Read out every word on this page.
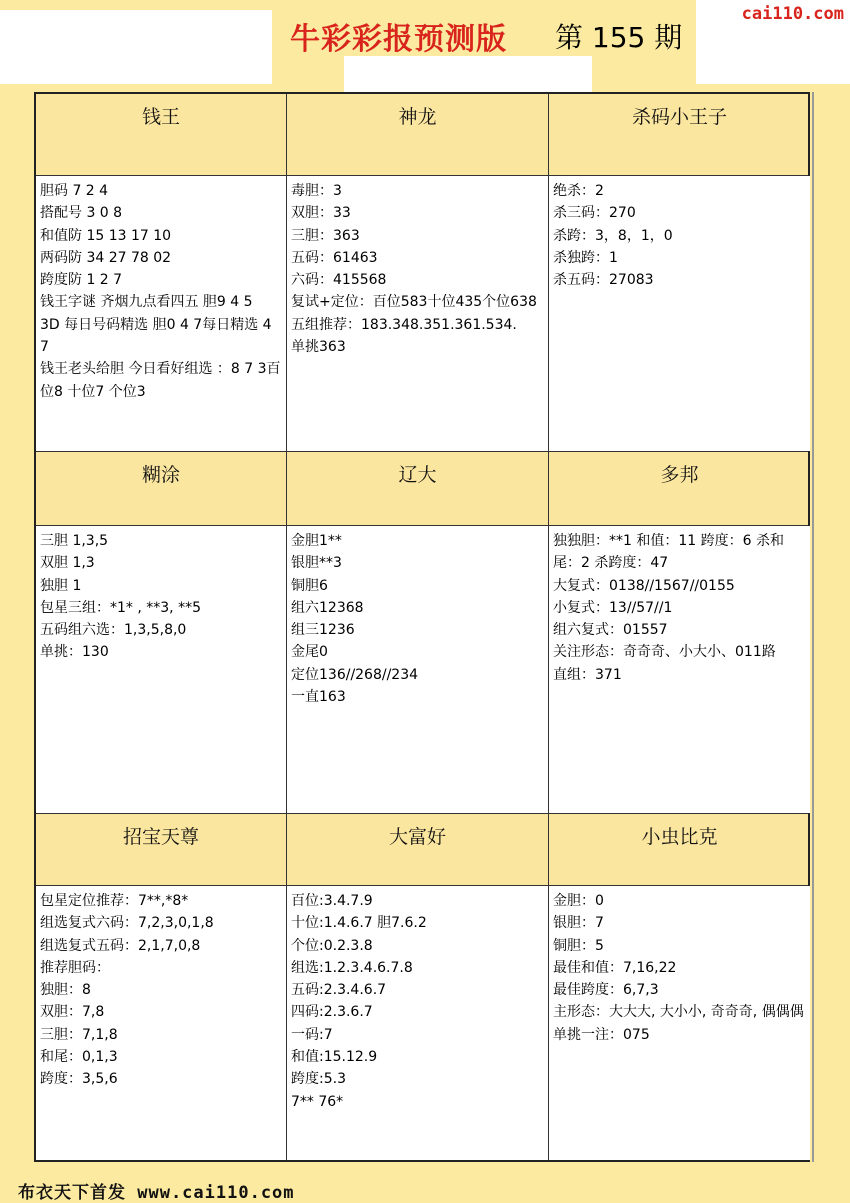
牛彩彩报预测版 第 155 期
cai110.com
钱王	神龙	杀码小王子
糊涂	辽大	多邦
招宝天尊	大富好	小虫比克

胆码 7 2 4

搭配号 3 0 8

和值防 15 13 17 10

两码防 34 27 78 02

跨度防 1 2 7

钱王字谜 齐烟九点看四五 胆9 4 5

3D 每日号码精选 胆0 4 7每日精选 4 7

钱王老头给胆 今日看好组选 ：8 7 3百位8 十位7 个位3

毒胆：3

双胆：33

三胆：363

五码：61463

六码：415568

复试+定位：百位583十位435个位638

五组推荐：183.348.351.361.534.

单挑363

绝杀：2

杀三码：270

杀跨：3，8，1，0

杀独跨：1

杀五码：27083

三胆 1,3,5

双胆 1,3

独胆 1

包星三组：*1* , **3, **5

五码组六选：1,3,5,8,0

单挑：130

金胆1**

银胆**3

铜胆6

组六12368

组三1236

金尾0

定位136//268//234

一直163

独独胆：**1 和值：11 跨度：6 杀和尾：2 杀跨度：47

大复式：0138//1567//0155

小复式：13//57//1

组六复式：01557

关注形态：奇奇奇、小大小、011路

直组：371

包星定位推荐：7**,*8*

组选复式六码：7,2,3,0,1,8

组选复式五码：2,1,7,0,8

推荐胆码：

独胆：8

双胆：7,8

三胆：7,1,8

和尾：0,1,3

跨度：3,5,6

百位:3.4.7.9

十位:1.4.6.7 胆7.6.2

个位:0.2.3.8

组选:1.2.3.4.6.7.8

五码:2.3.4.6.7

四码:2.3.6.7

一码:7

和值:15.12.9

跨度:5.3

7** 76*

金胆：0

银胆：7

铜胆：5

最佳和值：7,16,22

最佳跨度：6,7,3

主形态：大大大, 大小小, 奇奇奇, 偶偶偶

单挑一注：075

布衣天下首发 www.cai110.com
